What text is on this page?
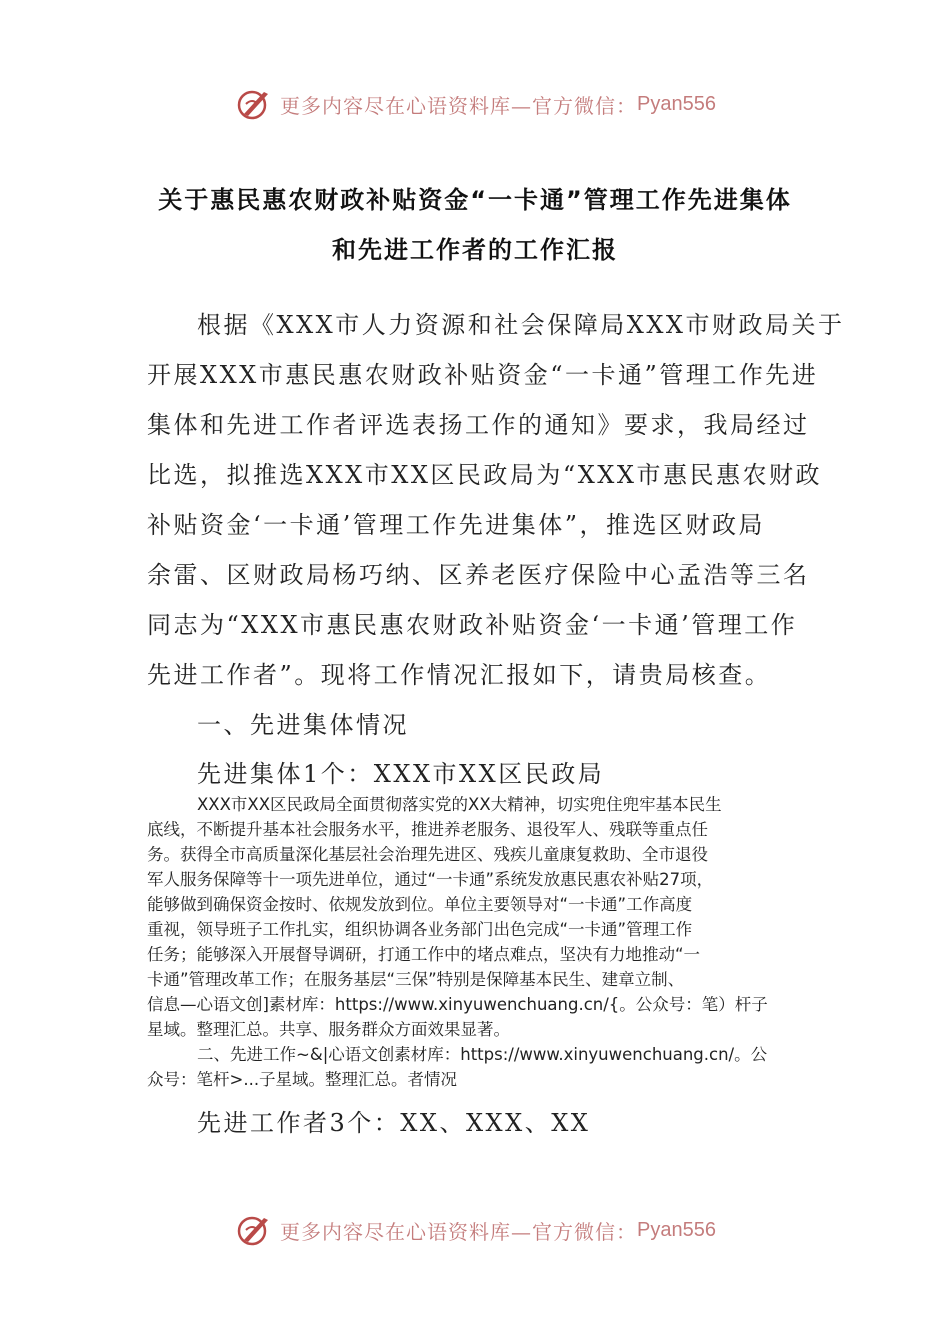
更多内容尽在心语资料库—官方微信： Pyan556
关于惠民惠农财政补贴资金“一卡通”管理工作先进集体
和先进工作者的工作汇报

根据《XXX市人力资源和社会保障局XXX市财政局关于

开展XXX市惠民惠农财政补贴资金“一卡通”管理工作先进

集体和先进工作者评选表扬工作的通知》要求，我局经过

比选，拟推选XXX市XX区民政局为“XXX市惠民惠农财政

补贴资金‘一卡通’管理工作先进集体”，推选区财政局

余雷、区财政局杨巧纳、区养老医疗保险中心孟浩等三名

同志为“XXX市惠民惠农财政补贴资金‘一卡通’管理工作

先进工作者”。现将工作情况汇报如下，请贵局核查。

一、先进集体情况

先进集体1个：XXX市XX区民政局

XXX市XX区民政局全面贯彻落实党的XX大精神，切实兜住兜牢基本民生

底线，不断提升基本社会服务水平，推进养老服务、退役军人、残联等重点任

务。获得全市高质量深化基层社会治理先进区、残疾儿童康复救助、全市退役

军人服务保障等十一项先进单位，通过“一卡通”系统发放惠民惠农补贴27项，

能够做到确保资金按时、依规发放到位。单位主要领导对“一卡通”工作高度

重视，领导班子工作扎实，组织协调各业务部门出色完成“一卡通”管理工作

任务；能够深入开展督导调研，打通工作中的堵点难点，坚决有力地推动“一

卡通”管理改革工作；在服务基层“三保”特别是保障基本民生、建章立制、

信息—心语文创]素材库：https://www.xinyuwenchuang.cn/{。公众号：笔）杆子

星域。整理汇总。共享、服务群众方面效果显著。

二、先进工作~&|心语文创素材库：https://www.xinyuwenchuang.cn/。公

众号：笔杆>...子星域。整理汇总。者情况

先进工作者3个：XX、XXX、XX

更多内容尽在心语资料库—官方微信： Pyan556
